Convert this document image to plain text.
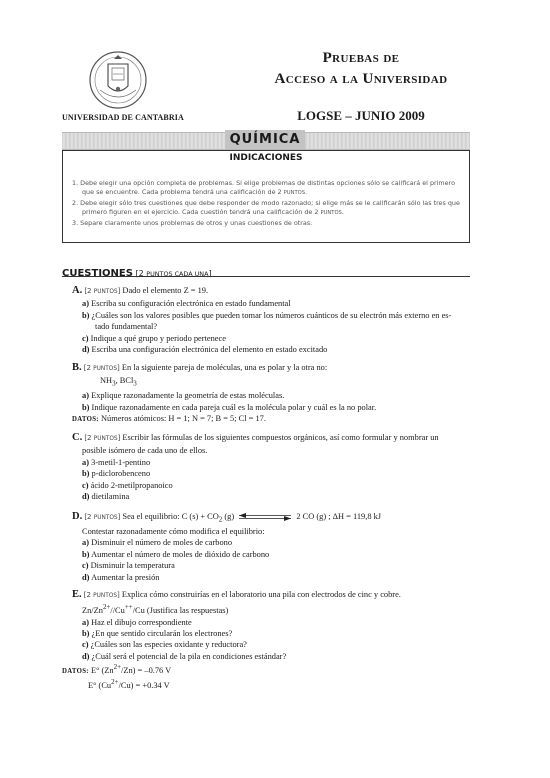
UNIVERSIDAD DE CANTABRIA
Pruebas de
Acceso a la Universidad
LOGSE – JUNIO 2009
QUÍMICA
INDICACIONES
1. Debe elegir una opción completa de problemas. Si elige problemas de distintas opciones sólo se calificará el primero que se encuentre. Cada problema tendrá una calificación de 2 PUNTOS.
2. Debe elegir sólo tres cuestiones que debe responder de modo razonado; si elige más se le calificarán sólo las tres que primero figuren en el ejercicio. Cada cuestión tendrá una calificación de 2 PUNTOS.
3. Separe claramente unos problemas de otros y unas cuestiones de otras.
CUESTIONES [2 PUNTOS CADA UNA]
A. [2 PUNTOS] Dado el elemento Z = 19.
a) Escriba su configuración electrónica en estado fundamental
b) ¿Cuáles son los valores posibles que pueden tomar los números cuánticos de su electrón más externo en es-
tado fundamental?
c) Indique a qué grupo y periodo pertenece
d) Escriba una configuración electrónica del elemento en estado excitado
B. [2 PUNTOS] En la siguiente pareja de moléculas, una es polar y la otra no:
$NH_3$, BCl$_3$
a) Explique razonadamente la geometría de estas moléculas.
b) Indique razonadamente en cada pareja cuál es la molécula polar y cuál es la no polar.
DATOS: Números atómicos: H = 1; N = 7; B = 5; Cl = 17.
C. [2 PUNTOS] Escribir las fórmulas de los siguientes compuestos orgánicos, así como formular y nombrar un
posible isómero de cada uno de ellos.
a) 3-metil-1-pentino
b) p-diclorobenceno
c) ácido 2-metilpropanoico
d) dietilamina
D. [2 PUNTOS] Sea el equilibrio: C $(s) + CO_2$ (g)	2 CO (g) ; ΔH = 119,8 kJ
Contestar razonadamente cómo modifica el equilibrio:
a) Disminuir el número de moles de carbono
b) Aumentar el número de moles de dióxido de carbono
c) Disminuir la temperatura
d) Aumentar la presión
E. [2 PUNTOS] Explica cómo construirías en el laboratorio una pila con electrodos de cinc y cobre.
$Zn/Zn^{2+}//Cu^{++}/Cu$ (Justifica las respuestas)
a) Haz el dibujo correspondiente
b) ¿En que sentido circularán los electrones?
c) ¿Cuáles son las especies oxidante y reductora?
d) ¿Cuál será el potencial de la pila en condiciones estándar?
DATOS: E° $(Zn^{2+}/Zn) = -0.76$ V
E° $(Cu^{2+}/Cu) = +0.34$ V
